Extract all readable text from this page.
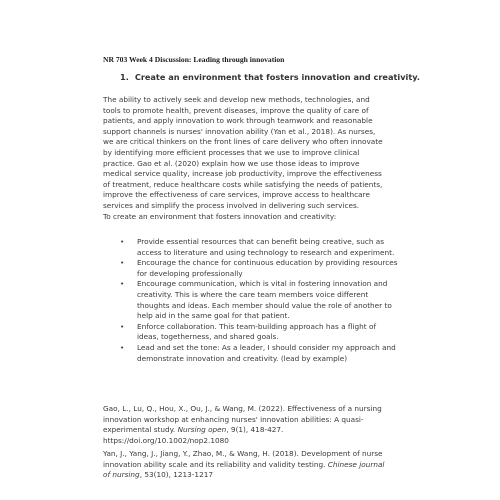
NR 703 Week 4 Discussion: Leading through innovation
1. Create an environment that fosters innovation and creativity.

The ability to actively seek and develop new methods, technologies, and
tools to promote health, prevent diseases, improve the quality of care of
patients, and apply innovation to work through teamwork and reasonable
support channels is nurses' innovation ability (Yan et al., 2018). As nurses,
we are critical thinkers on the front lines of care delivery who often innovate
by identifying more efficient processes that we use to improve clinical
practice. Gao et al. (2020) explain how we use those ideas to improve
medical service quality, increase job productivity, improve the effectiveness
of treatment, reduce healthcare costs while satisfying the needs of patients,
improve the effectiveness of care services, improve access to healthcare
services and simplify the process involved in delivering such services.

To create an environment that fosters innovation and creativity:

• Provide essential resources that can benefit being creative, such as
access to literature and using technology to research and experiment.
• Encourage the chance for continuous education by providing resources
for developing professionally
• Encourage communication, which is vital in fostering innovation and
creativity. This is where the care team members voice different
thoughts and ideas. Each member should value the role of another to
help aid in the same goal for that patient.
• Enforce collaboration. This team-building approach has a flight of
ideas, togetherness, and shared goals.
• Lead and set the tone: As a leader, I should consider my approach and
demonstrate innovation and creativity. (lead by example)
Gao, L., Lu, Q., Hou, X., Ou, J., & Wang, M. (2022). Effectiveness of a nursing
innovation workshop at enhancing nurses' innovation abilities: A quasi-
experimental study. Nursing open, 9(1), 418-427.
https://doi.org/10.1002/nop2.1080
Yan, J., Yang, J., Jiang, Y., Zhao, M., & Wang, H. (2018). Development of nurse
innovation ability scale and its reliability and validity testing. Chinese journal
of nursing, 53(10), 1213-1217
